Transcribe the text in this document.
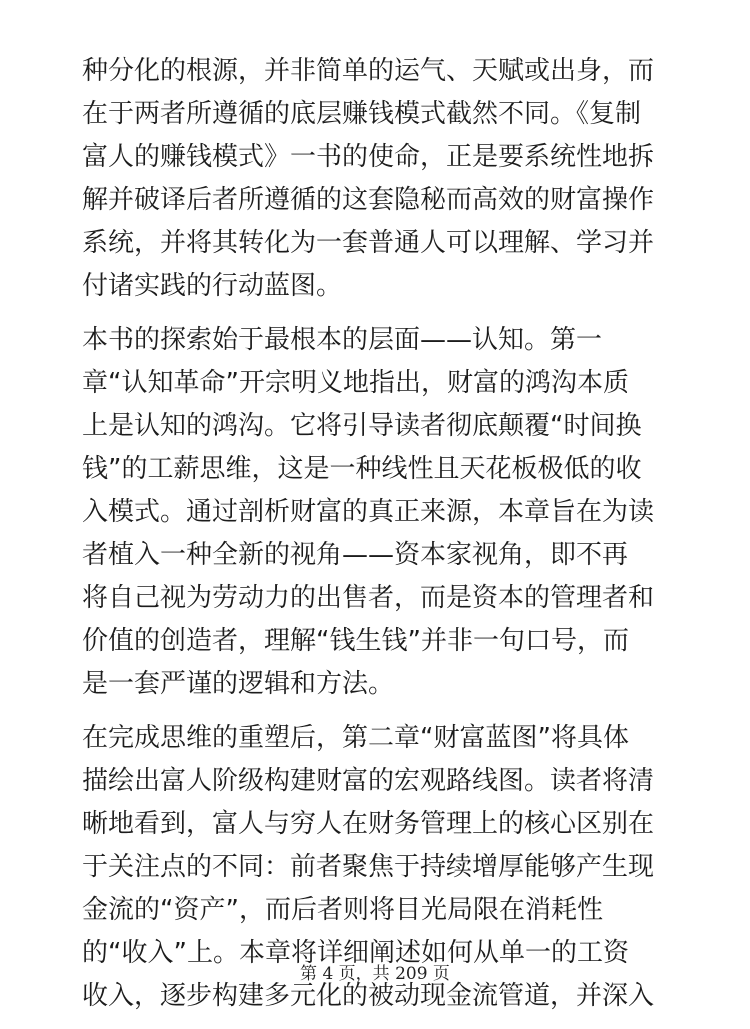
种分化的根源，并非简单的运气、天赋或出身，而
在于两者所遵循的底层赚钱模式截然不同。《复制
富人的赚钱模式》一书的使命，正是要系统性地拆
解并破译后者所遵循的这套隐秘而高效的财富操作
系统，并将其转化为一套普通人可以理解、学习并
付诸实践的行动蓝图。
本书的探索始于最根本的层面——认知。第一
章“认知革命”开宗明义地指出，财富的鸿沟本质
上是认知的鸿沟。它将引导读者彻底颠覆“时间换
钱”的工薪思维，这是一种线性且天花板极低的收
入模式。通过剖析财富的真正来源，本章旨在为读
者植入一种全新的视角——资本家视角，即不再
将自己视为劳动力的出售者，而是资本的管理者和
价值的创造者，理解“钱生钱”并非一句口号，而
是一套严谨的逻辑和方法。
在完成思维的重塑后，第二章“财富蓝图”将具体
描绘出富人阶级构建财富的宏观路线图。读者将清
晰地看到，富人与穷人在财务管理上的核心区别在
于关注点的不同：前者聚焦于持续增厚能够产生现
金流的“资产”，而后者则将目光局限在消耗性
的“收入”上。本章将详细阐述如何从单一的工资
收入，逐步构建多元化的被动现金流管道，并深入
第 4 页，共 209 页
